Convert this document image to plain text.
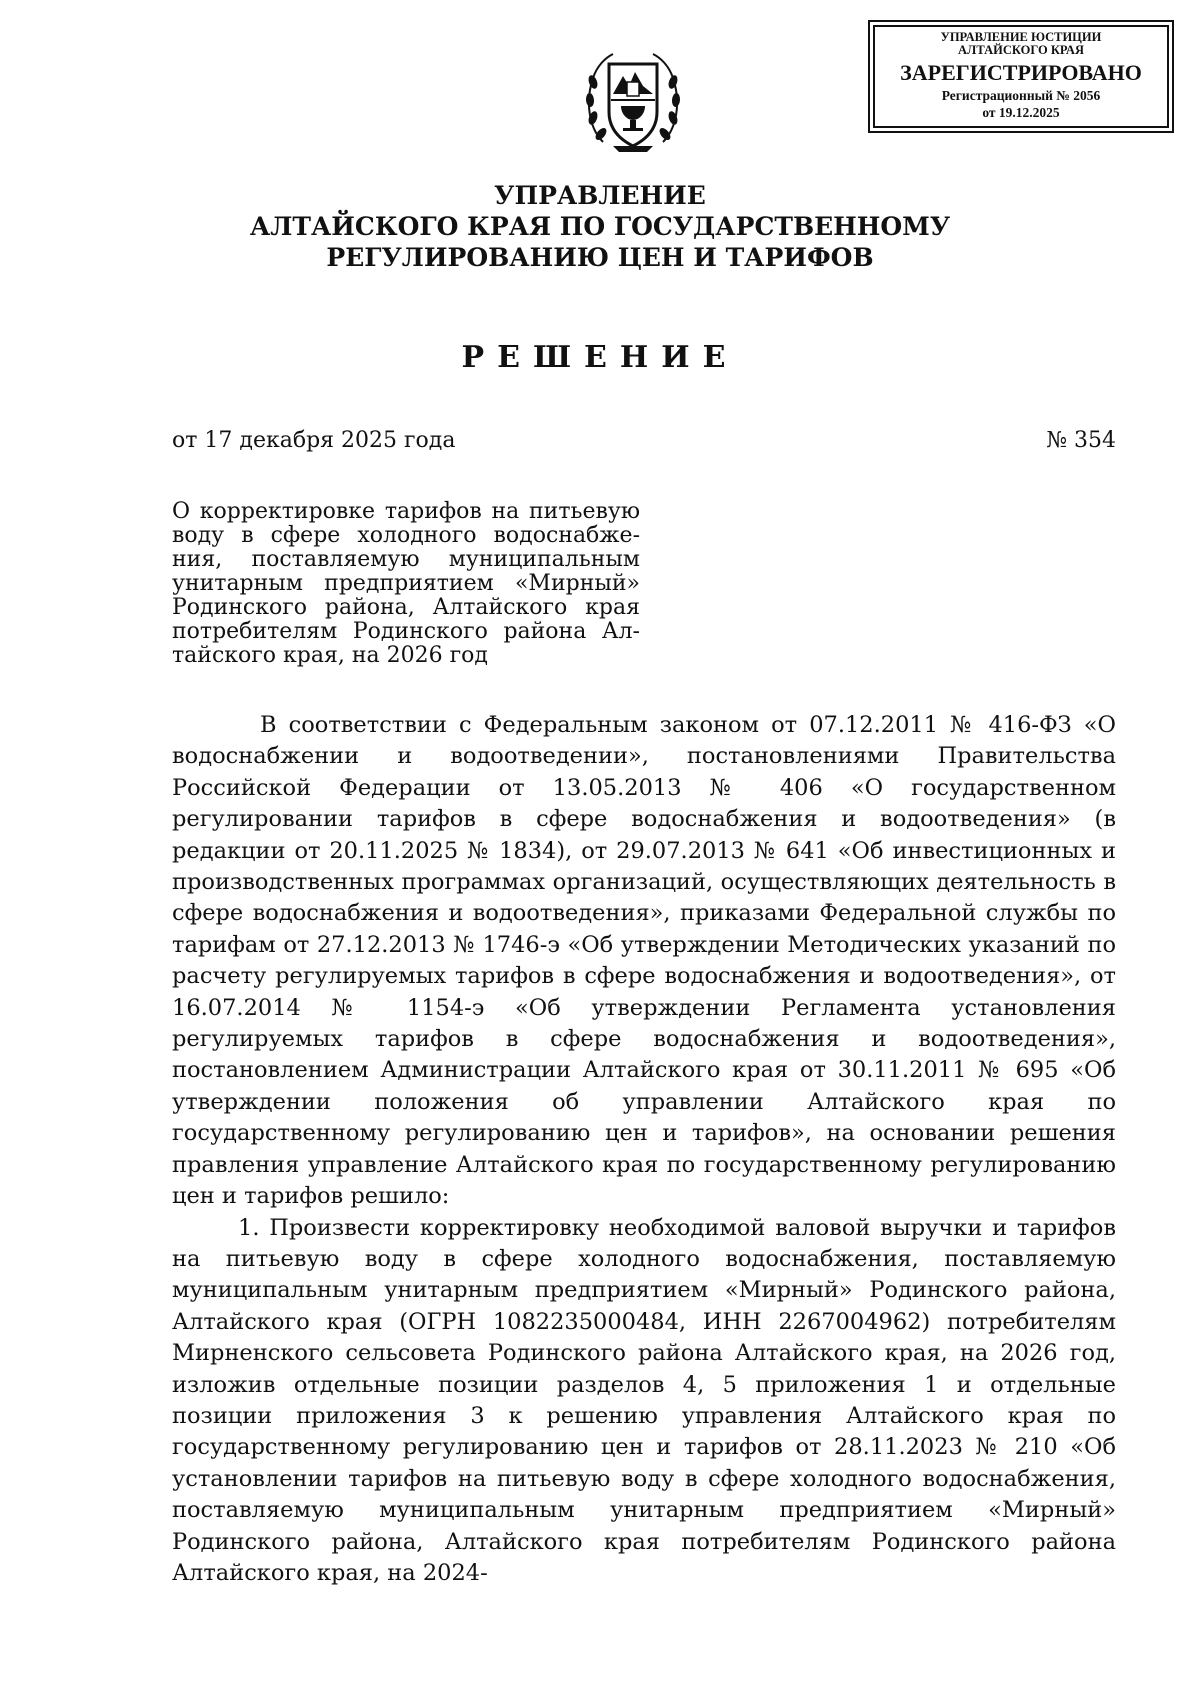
УПРАВЛЕНИЕ ЮСТИЦИИ
АЛТАЙСКОГО КРАЯ
ЗАРЕГИСТРИРОВАНО
Регистрационный № 2056
от 19.12.2025
УПРАВЛЕНИЕ
АЛТАЙСКОГО КРАЯ ПО ГОСУДАРСТВЕННОМУ
РЕГУЛИРОВАНИЮ ЦЕН И ТАРИФОВ
РЕШЕНИЕ
от 17 декабря 2025 года	№ 354
О корректировке тарифов на питьевую воду в сфере холодного водоснабже-ния, поставляемую муниципальным унитарным предприятием «Мирный» Родинского района, Алтайского края потребителям Родинского района Ал-тайского края, на 2026 год

В соответствии с Федеральным законом от 07.12.2011 № 416-ФЗ «О водоснабжении и водоотведении», постановлениями Правительства Российской Федерации от 13.05.2013 № 406 «О государственном регулировании тарифов в сфере водоснабжения и водоотведения» (в редакции от 20.11.2025 № 1834), от 29.07.2013 № 641 «Об инвестиционных и производственных программах организаций, осуществляющих деятельность в сфере водоснабжения и водоотведения», приказами Федеральной службы по тарифам от 27.12.2013 № 1746-э «Об утверждении Методических указаний по расчету регулируемых тарифов в сфере водоснабжения и водоотведения», от 16.07.2014 № 1154-э «Об утверждении Регламента установления регулируемых тарифов в сфере водоснабжения и водоотведения», постановлением Администрации Алтайского края от 30.11.2011 № 695 «Об утверждении положения об управлении Алтайского края по государственному регулированию цен и тарифов», на основании решения правления управление Алтайского края по государственному регулированию цен и тарифов решило:

1. Произвести корректировку необходимой валовой выручки и тарифов на питьевую воду в сфере холодного водоснабжения, поставляемую муниципальным унитарным предприятием «Мирный» Родинского района, Алтайского края (ОГРН 1082235000484, ИНН 2267004962) потребителям Мирненского сельсовета Родинского района Алтайского края, на 2026 год, изложив отдельные позиции разделов 4, 5 приложения 1 и отдельные позиции приложения 3 к решению управления Алтайского края по государственному регулированию цен и тарифов от 28.11.2023 № 210 «Об установлении тарифов на питьевую воду в сфере холодного водоснабжения, поставляемую муниципальным унитарным предприятием «Мирный» Родинского района, Алтайского края потребителям Родинского района Алтайского края, на 2024-
